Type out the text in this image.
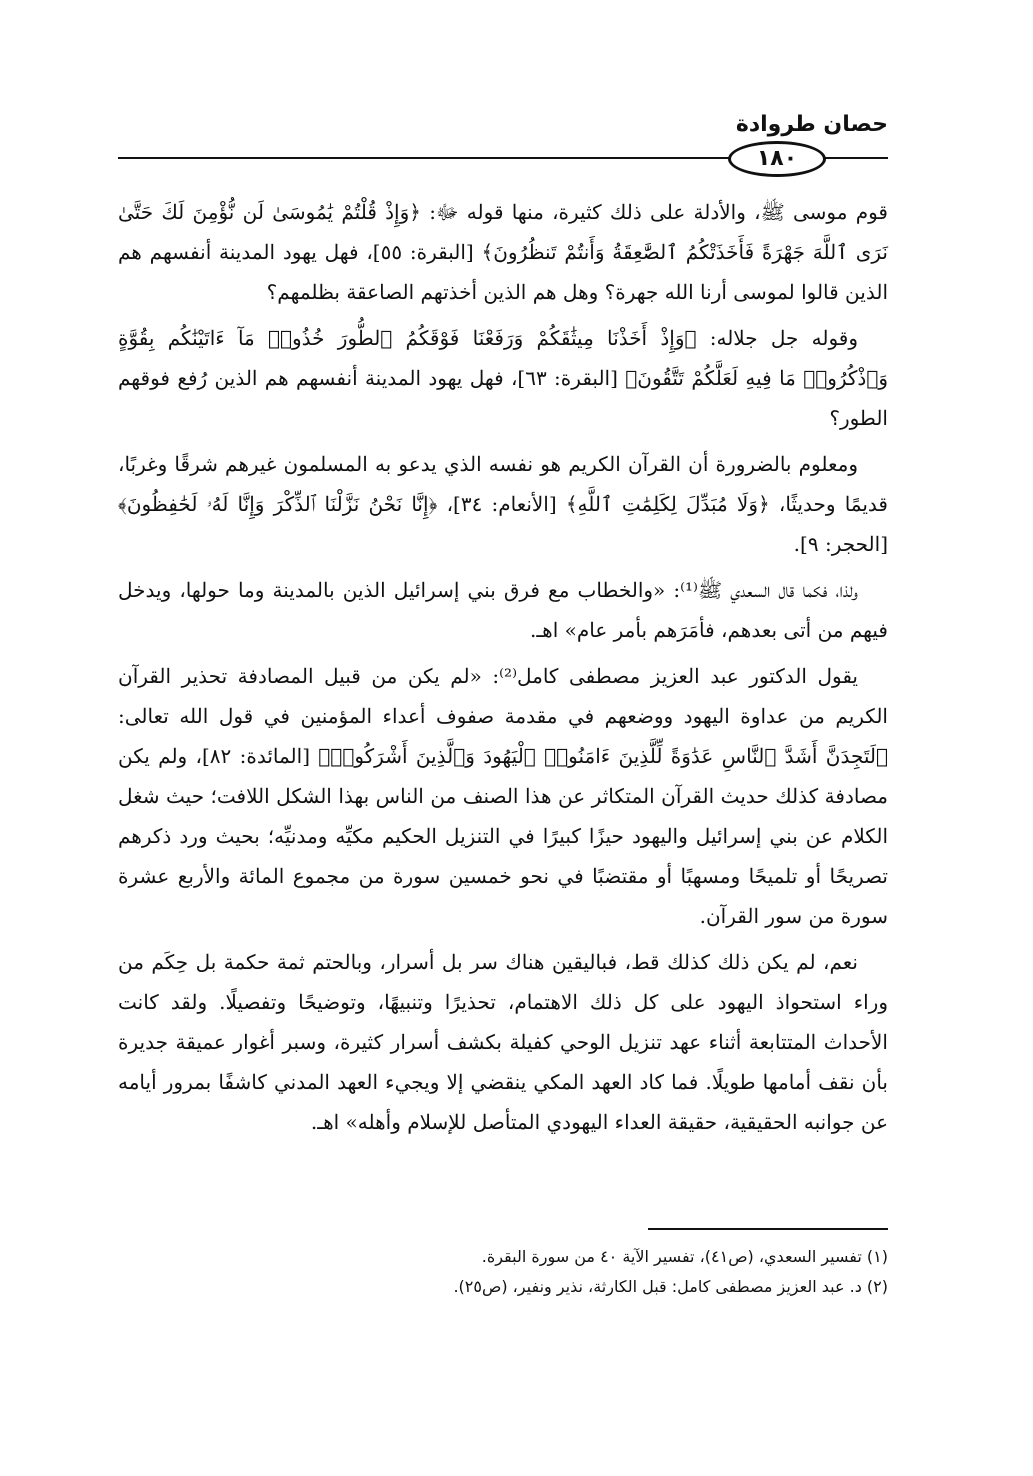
حصان طروادة
١٨٠

قوم موسى ﷺ، والأدلة على ذلك كثيرة، منها قوله ﷻ: ﴿وَإِذْ قُلْتُمْ يَٰمُوسَىٰ لَن نُّؤْمِنَ لَكَ حَتَّىٰ نَرَى ٱللَّهَ جَهْرَةً فَأَخَذَتْكُمُ ٱلصَّٰعِقَةُ وَأَنتُمْ تَنظُرُونَ﴾ [البقرة: ٥٥]، فهل يهود المدينة أنفسهم هم الذين قالوا لموسى أرنا الله جهرة؟ وهل هم الذين أخذتهم الصاعقة بظلمهم؟

وقوله جل جلاله: ﴿وَإِذْ أَخَذْنَا مِيثَٰقَكُمْ وَرَفَعْنَا فَوْقَكُمُ ٱلطُّورَ خُذُوا۟ مَآ ءَاتَيْنَٰكُم بِقُوَّةٍ وَٱذْكُرُوا۟ مَا فِيهِ لَعَلَّكُمْ تَتَّقُونَ﴾ [البقرة: ٦٣]، فهل يهود المدينة أنفسهم هم الذين رُفع فوقهم الطور؟

ومعلوم بالضرورة أن القرآن الكريم هو نفسه الذي يدعو به المسلمون غيرهم شرقًا وغربًا، قديمًا وحديثًا، ﴿وَلَا مُبَدِّلَ لِكَلِمَٰتِ ٱللَّهِ﴾ [الأنعام: ٣٤]، ﴿إِنَّا نَحْنُ نَزَّلْنَا ٱلذِّكْرَ وَإِنَّا لَهُۥ لَحَٰفِظُونَ﴾ [الحجر: ٩].

ولذا، فكما قال السعدي ﷺ⁽¹⁾: «والخطاب مع فرق بني إسرائيل الذين بالمدينة وما حولها، ويدخل فيهم من أتى بعدهم، فأمَرَهم بأمر عام» اهـ.

يقول الدكتور عبد العزيز مصطفى كامل⁽²⁾: «لم يكن من قبيل المصادفة تحذير القرآن الكريم من عداوة اليهود ووضعهم في مقدمة صفوف أعداء المؤمنين في قول الله تعالى: ﴿لَتَجِدَنَّ أَشَدَّ ٱلنَّاسِ عَدَٰوَةً لِّلَّذِينَ ءَامَنُوا۟ ٱلْيَهُودَ وَٱلَّذِينَ أَشْرَكُوا۟﴾ [المائدة: ٨٢]، ولم يكن مصادفة كذلك حديث القرآن المتكاثر عن هذا الصنف من الناس بهذا الشكل اللافت؛ حيث شغل الكلام عن بني إسرائيل واليهود حيزًا كبيرًا في التنزيل الحكيم مكيِّه ومدنيِّه؛ بحيث ورد ذكرهم تصريحًا أو تلميحًا ومسهبًا أو مقتضبًا في نحو خمسين سورة من مجموع المائة والأربع عشرة سورة من سور القرآن.

نعم، لم يكن ذلك كذلك قط، فباليقين هناك سر بل أسرار، وبالحتم ثمة حكمة بل حِكَم من وراء استحواذ اليهود على كل ذلك الاهتمام، تحذيرًا وتنبيهًا، وتوضيحًا وتفصيلًا. ولقد كانت الأحداث المتتابعة أثناء عهد تنزيل الوحي كفيلة بكشف أسرار كثيرة، وسبر أغوار عميقة جديرة بأن نقف أمامها طويلًا. فما كاد العهد المكي ينقضي إلا ويجيء العهد المدني كاشفًا بمرور أيامه عن جوانبه الحقيقية، حقيقة العداء اليهودي المتأصل للإسلام وأهله» اهـ.

(١) تفسير السعدي، (ص٤١)، تفسير الآية ٤٠ من سورة البقرة.

(٢) د. عبد العزيز مصطفى كامل: قبل الكارثة، نذير ونفير، (ص٢٥).
